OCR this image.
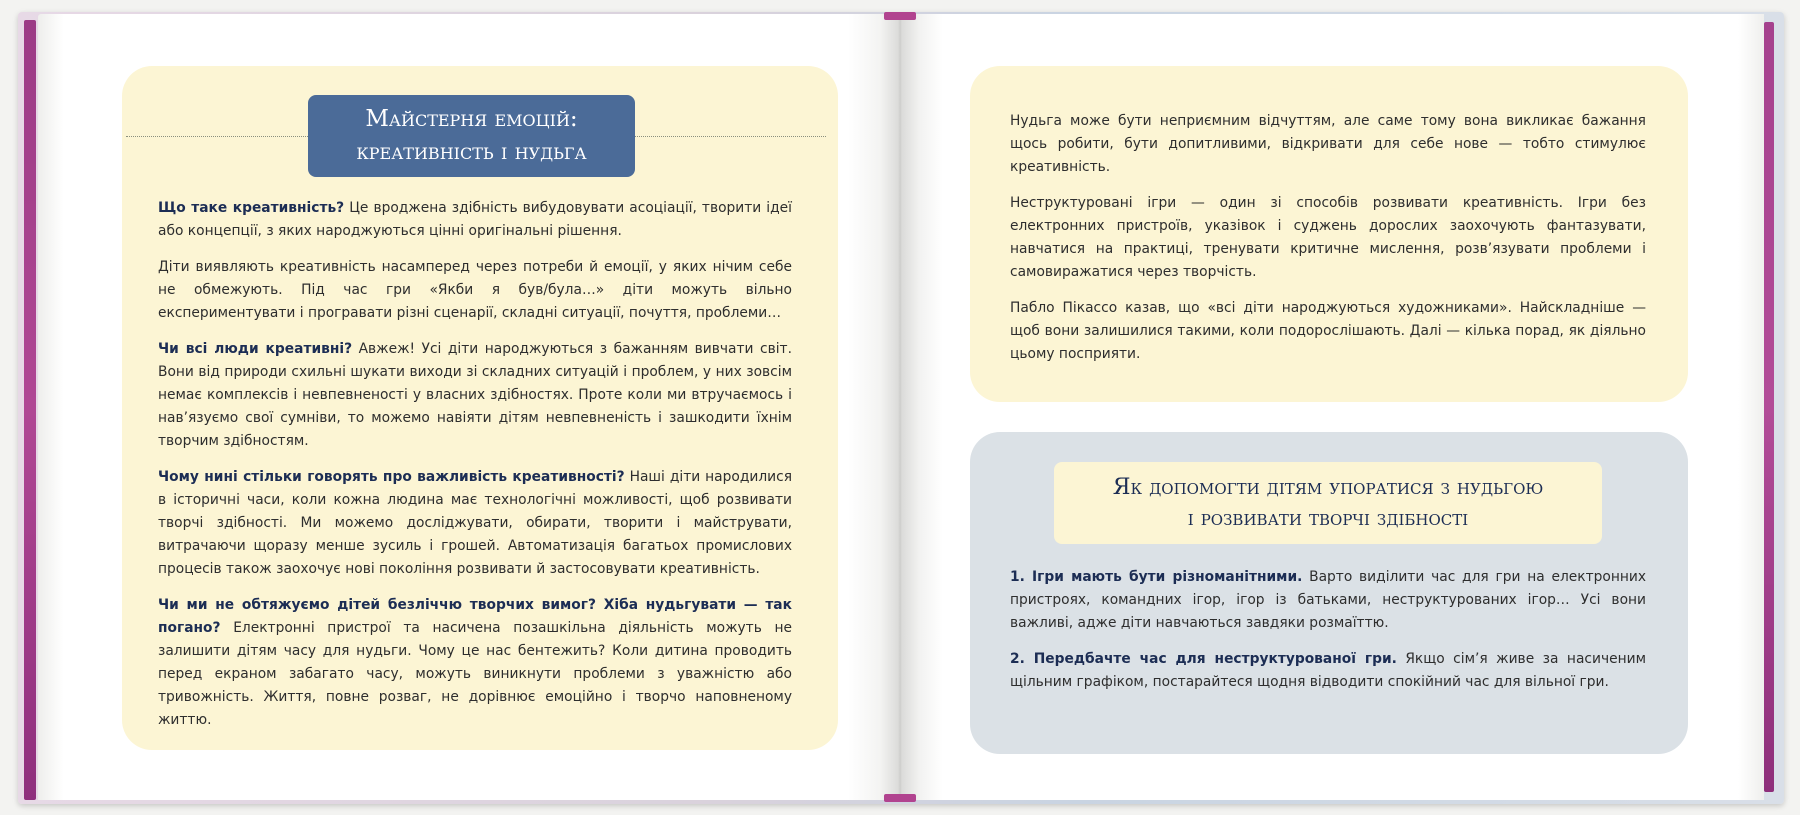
Майстерня емоцій:
креативність і нудьга

Що таке креативність? Це вроджена здібність вибудовувати асоціації, творити ідеї або концепції, з яких народжуються цінні оригінальні рішення.

Діти виявляють креативність насамперед через потреби й емоції, у яких нічим себе не обмежують. Під час гри «Якби я був/була…» діти можуть вільно експериментувати і програвати різні сценарії, складні ситуації, почуття, проблеми…

Чи всі люди креативні? Авжеж! Усі діти народжуються з бажанням вивчати світ. Вони від природи схильні шукати виходи зі складних ситуацій і проблем, у них зовсім немає комплексів і невпевненості у власних здібностях. Проте коли ми втручаємось і нав’язуємо свої сумніви, то можемо навіяти дітям невпевненість і зашкодити їхнім творчим здібностям.

Чому нині стільки говорять про важливість креативності? Наші діти народилися в історичні часи, коли кожна людина має технологічні можливості, щоб розвивати творчі здібності. Ми можемо досліджувати, обирати, творити і майструвати, витрачаючи щоразу менше зусиль і грошей. Автоматизація багатьох промислових процесів також заохочує нові покоління розвивати й застосовувати креативність.

Чи ми не обтяжуємо дітей безліччю творчих вимог? Хіба нудьгувати — так погано? Електронні пристрої та насичена позашкільна діяльність можуть не залишити дітям часу для нудьги. Чому це нас бентежить? Коли дитина проводить перед екраном забагато часу, можуть виникнути проблеми з уважністю або тривожність. Життя, повне розваг, не дорівнює емоційно і творчо наповненому життю.

Нудьга може бути неприємним відчуттям, але саме тому вона викликає бажання щось робити, бути допитливими, відкривати для себе нове — тобто стимулює креативність.

Неструктуровані ігри — один зі способів розвивати креативність. Ігри без електронних пристроїв, указівок і суджень дорослих заохочують фантазувати, навчатися на практиці, тренувати критичне мислення, розв’язувати проблеми і самовиражатися через творчість.

Пабло Пікассо казав, що «всі діти народжуються художниками». Найскладніше — щоб вони залишилися такими, коли подорослішають. Далі — кілька порад, як діяльно цьому посприяти.

Як допомогти дітям упоратися з нудьгою
і розвивати творчі здібності

1. Ігри мають бути різноманітними. Варто виділити час для гри на електронних пристроях, командних ігор, ігор із батьками, неструктурованих ігор… Усі вони важливі, адже діти навчаються завдяки розмаїттю.

2. Передбачте час для неструктурованої гри. Якщо сім’я живе за насиченим щільним графіком, постарайтеся щодня відводити спокійний час для вільної гри.
